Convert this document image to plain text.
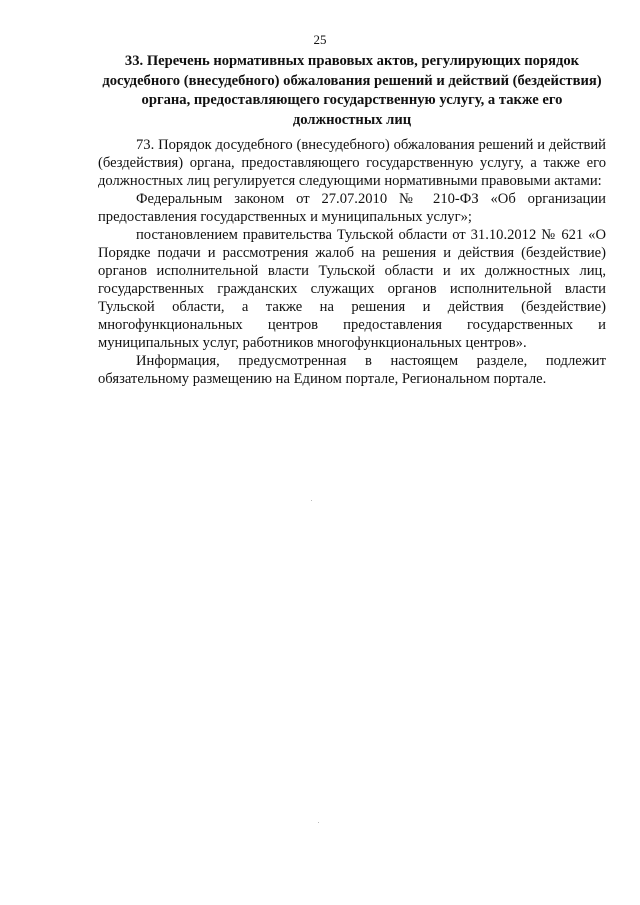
25
33. Перечень нормативных правовых актов, регулирующих порядок досудебного (внесудебного) обжалования решений и действий (бездействия) органа, предоставляющего государственную услугу, а также его должностных лиц

73. Порядок досудебного (внесудебного) обжалования решений и действий (бездействия) органа, предоставляющего государственную услугу, а также его должностных лиц регулируется следующими нормативными правовыми актами:

Федеральным законом от 27.07.2010 № 210-ФЗ «Об организации предоставления государственных и муниципальных услуг»;

постановлением правительства Тульской области от 31.10.2012 № 621 «О Порядке подачи и рассмотрения жалоб на решения и действия (бездействие) органов исполнительной власти Тульской области и их должностных лиц, государственных гражданских служащих органов исполнительной власти Тульской области, а также на решения и действия (бездействие) многофункциональных центров предоставления государственных и муниципальных услуг, работников многофункциональных центров».

Информация, предусмотренная в настоящем разделе, подлежит обязательному размещению на Едином портале, Региональном портале.
